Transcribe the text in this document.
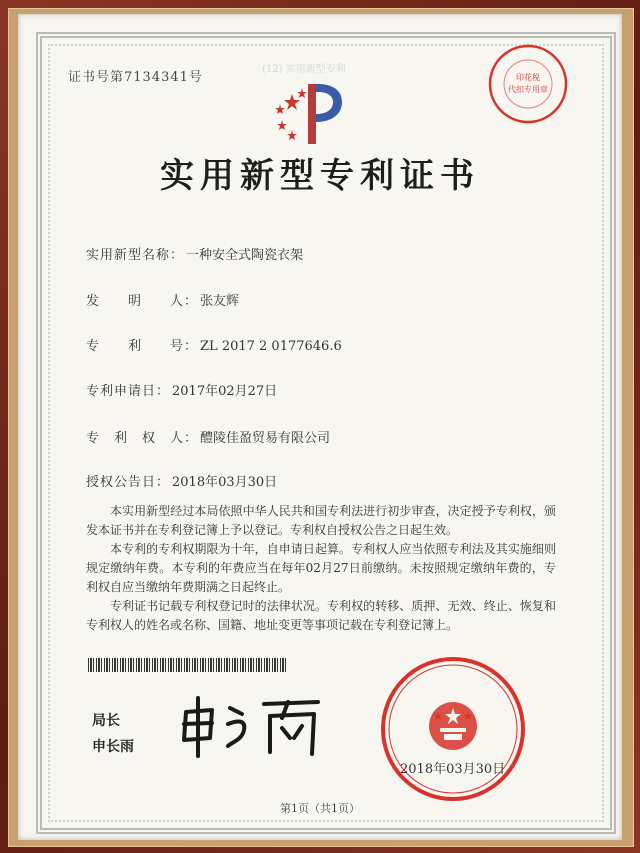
证书号第7134341号
(12) 实用新型专利
实用新型专利证书
印花税
代扣专用章
实用新型名称： 一种安全式陶瓷衣架
发　　明　　人： 张友辉
专　　利　　号： ZL 2017 2 0177646.6
专利申请日： 2017年02月27日
专　利　权　人： 醴陵佳盈贸易有限公司
授权公告日： 2018年03月30日
本实用新型经过本局依照中华人民共和国专利法进行初步审查，决定授予专利权，颁发本证书并在专利登记簿上予以登记。专利权自授权公告之日起生效。
本专利的专利权期限为十年，自申请日起算。专利权人应当依照专利法及其实施细则规定缴纳年费。本专利的年费应当在每年02月27日前缴纳。未按照规定缴纳年费的，专利权自应当缴纳年费期满之日起终止。
专利证书记载专利权登记时的法律状况。专利权的转移、质押、无效、终止、恢复和专利权人的姓名或名称、国籍、地址变更等事项记载在专利登记簿上。
局长
申长雨
2018年03月30日
第1页（共1页）
